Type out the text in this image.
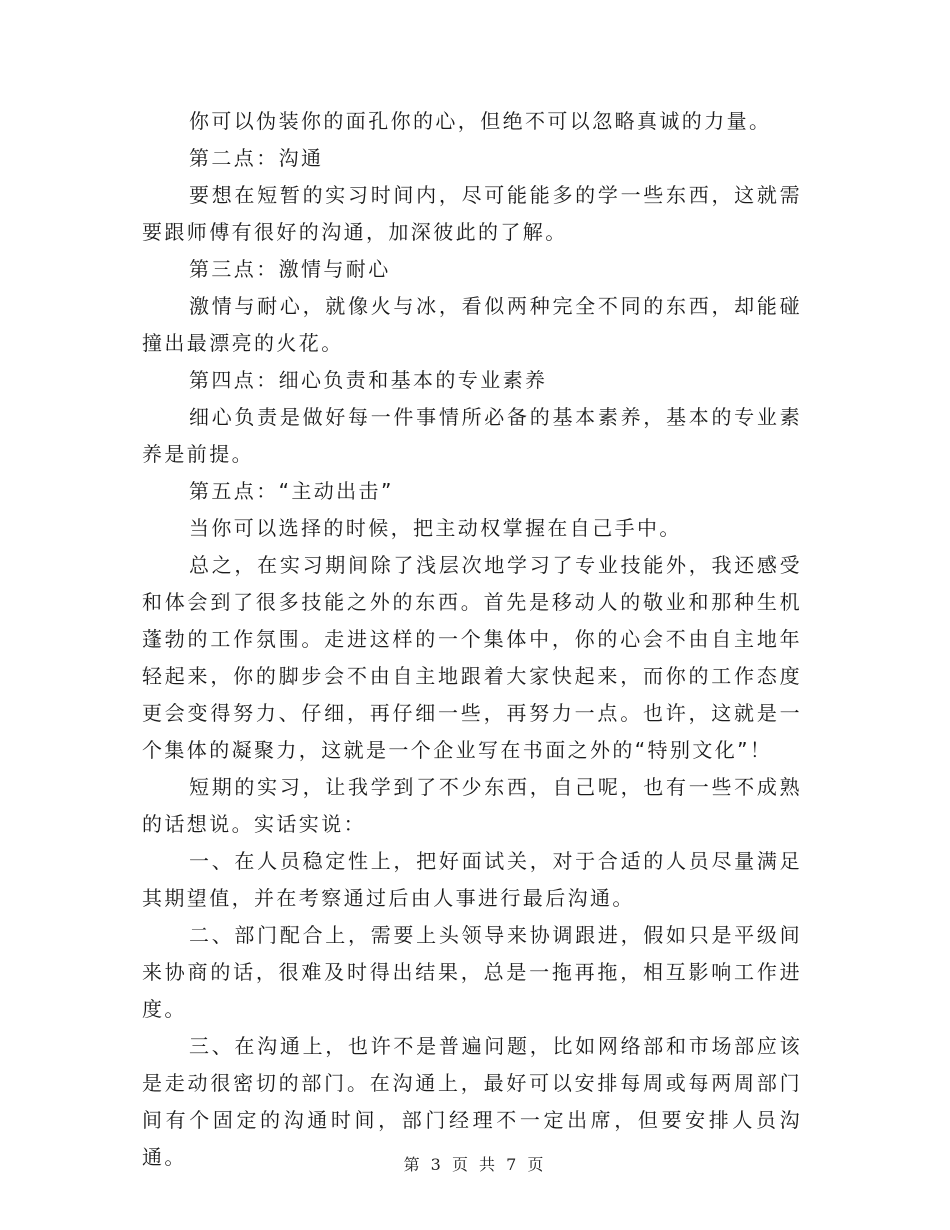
你可以伪装你的面孔你的心，但绝不可以忽略真诚的力量。

第二点：沟通

要想在短暂的实习时间内，尽可能能多的学一些东西，这就需要跟师傅有很好的沟通，加深彼此的了解。

第三点：激情与耐心

激情与耐心，就像火与冰，看似两种完全不同的东西，却能碰撞出最漂亮的火花。

第四点：细心负责和基本的专业素养

细心负责是做好每一件事情所必备的基本素养，基本的专业素养是前提。

第五点：“主动出击”

当你可以选择的时候，把主动权掌握在自己手中。

总之，在实习期间除了浅层次地学习了专业技能外，我还感受和体会到了很多技能之外的东西。首先是移动人的敬业和那种生机蓬勃的工作氛围。走进这样的一个集体中，你的心会不由自主地年轻起来，你的脚步会不由自主地跟着大家快起来，而你的工作态度更会变得努力、仔细，再仔细一些，再努力一点。也许，这就是一个集体的凝聚力，这就是一个企业写在书面之外的“特别文化”！

短期的实习，让我学到了不少东西，自己呢，也有一些不成熟的话想说。实话实说：

一、在人员稳定性上，把好面试关，对于合适的人员尽量满足其期望值，并在考察通过后由人事进行最后沟通。

二、部门配合上，需要上头领导来协调跟进，假如只是平级间来协商的话，很难及时得出结果，总是一拖再拖，相互影响工作进度。

三、在沟通上，也许不是普遍问题，比如网络部和市场部应该是走动很密切的部门。在沟通上，最好可以安排每周或每两周部门间有个固定的沟通时间，部门经理不一定出席，但要安排人员沟通。	第 3 页 共 7 页
